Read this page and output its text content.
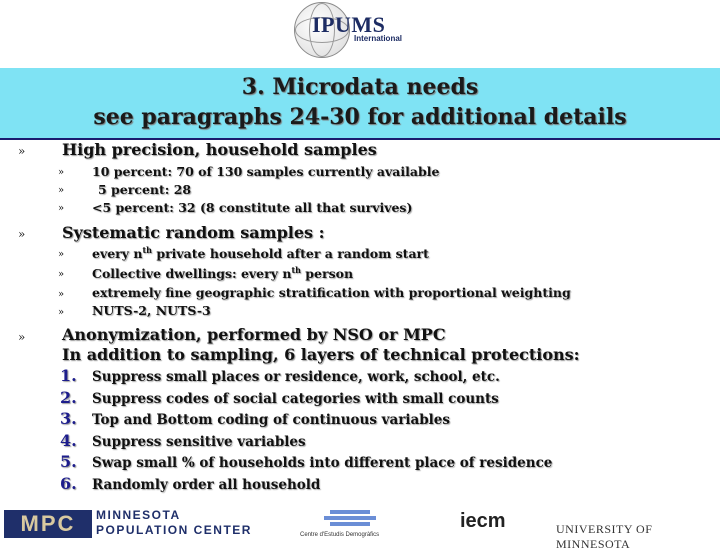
IPUMS
International
3. Microdata needs
see paragraphs 24-30 for additional details
» High precision, household samples
» 10 percent: 70 of 130 samples currently available
»	5 percent: 28
» <5 percent: 32 (8 constitute all that survives)
» Systematic random samples :
» every $n^{th}$ private household after a random start
» Collective dwellings: every $n^{th}$ person
» extremely fine geographic stratification with proportional weighting
» NUTS-2, NUTS-3
» Anonymization, performed by NSO or MPC
In addition to sampling, 6 layers of technical protections:
1. Suppress small places or residence, work, school, etc.
2. Suppress codes of social categories with small counts
3. Top and Bottom coding of continuous variables
4. Suppress sensitive variables
5. Swap small % of households into different place of residence
6. Randomly order all household
MPC	MINNESOTA
POPULATION CENTER	Centre d'Estudis Demogràfics
iecm	UNIVERSITY OF MINNESOTA
